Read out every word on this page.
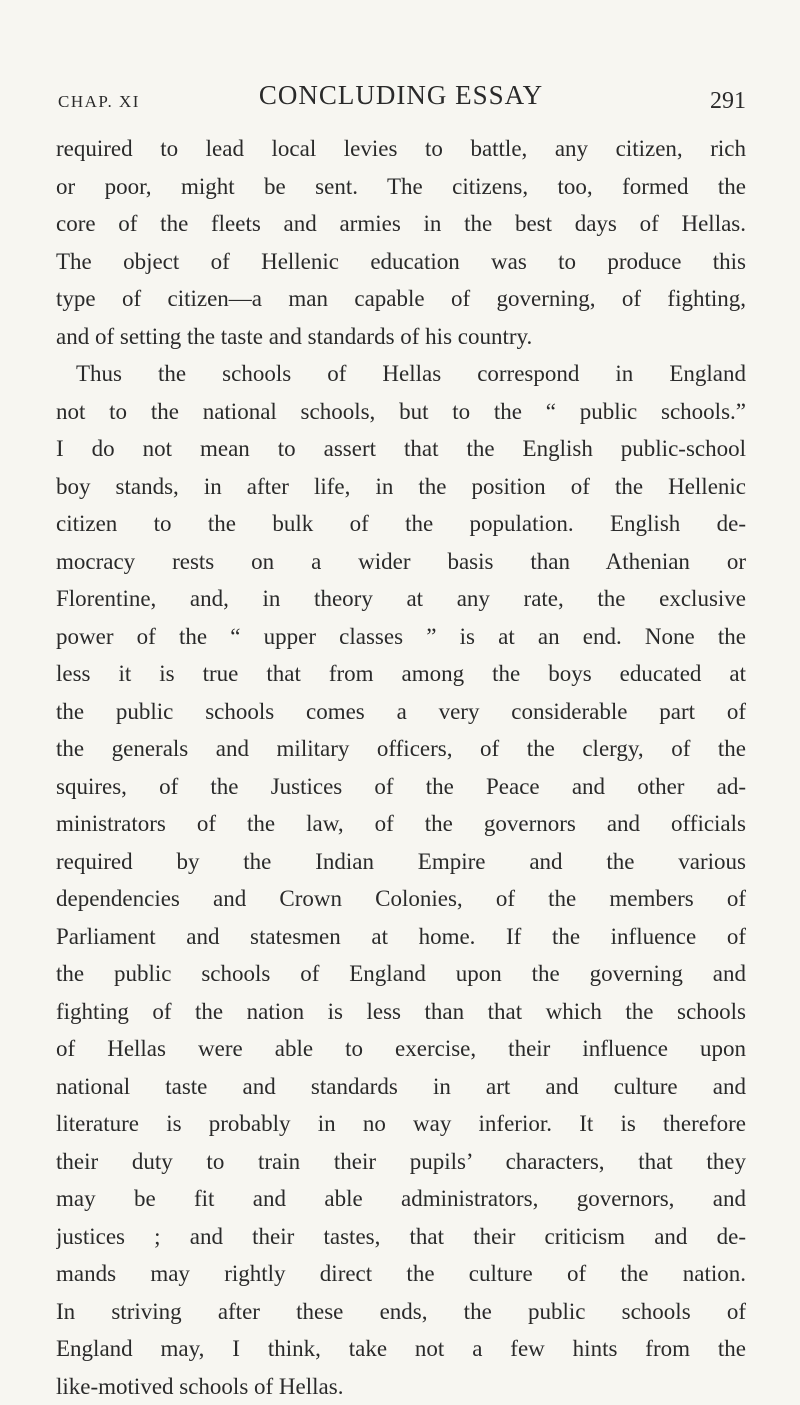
CHAP. XI	CONCLUDING ESSAY	291
required to lead local levies to battle, any citizen, rich
or poor, might be sent. The citizens, too, formed the
core of the fleets and armies in the best days of Hellas.
The object of Hellenic education was to produce this
type of citizen—a man capable of governing, of fighting,
and of setting the taste and standards of his country.
Thus the schools of Hellas correspond in England
not to the national schools, but to the “ public schools.”
I do not mean to assert that the English public-school
boy stands, in after life, in the position of the Hellenic
citizen to the bulk of the population. English de-
mocracy rests on a wider basis than Athenian or
Florentine, and, in theory at any rate, the exclusive
power of the “ upper classes ” is at an end. None the
less it is true that from among the boys educated at
the public schools comes a very considerable part of
the generals and military officers, of the clergy, of the
squires, of the Justices of the Peace and other ad-
ministrators of the law, of the governors and officials
required by the Indian Empire and the various
dependencies and Crown Colonies, of the members of
Parliament and statesmen at home. If the influence of
the public schools of England upon the governing and
fighting of the nation is less than that which the schools
of Hellas were able to exercise, their influence upon
national taste and standards in art and culture and
literature is probably in no way inferior. It is therefore
their duty to train their pupils’ characters, that they
may be fit and able administrators, governors, and
justices ; and their tastes, that their criticism and de-
mands may rightly direct the culture of the nation.
In striving after these ends, the public schools of
England may, I think, take not a few hints from the
like-motived schools of Hellas.
